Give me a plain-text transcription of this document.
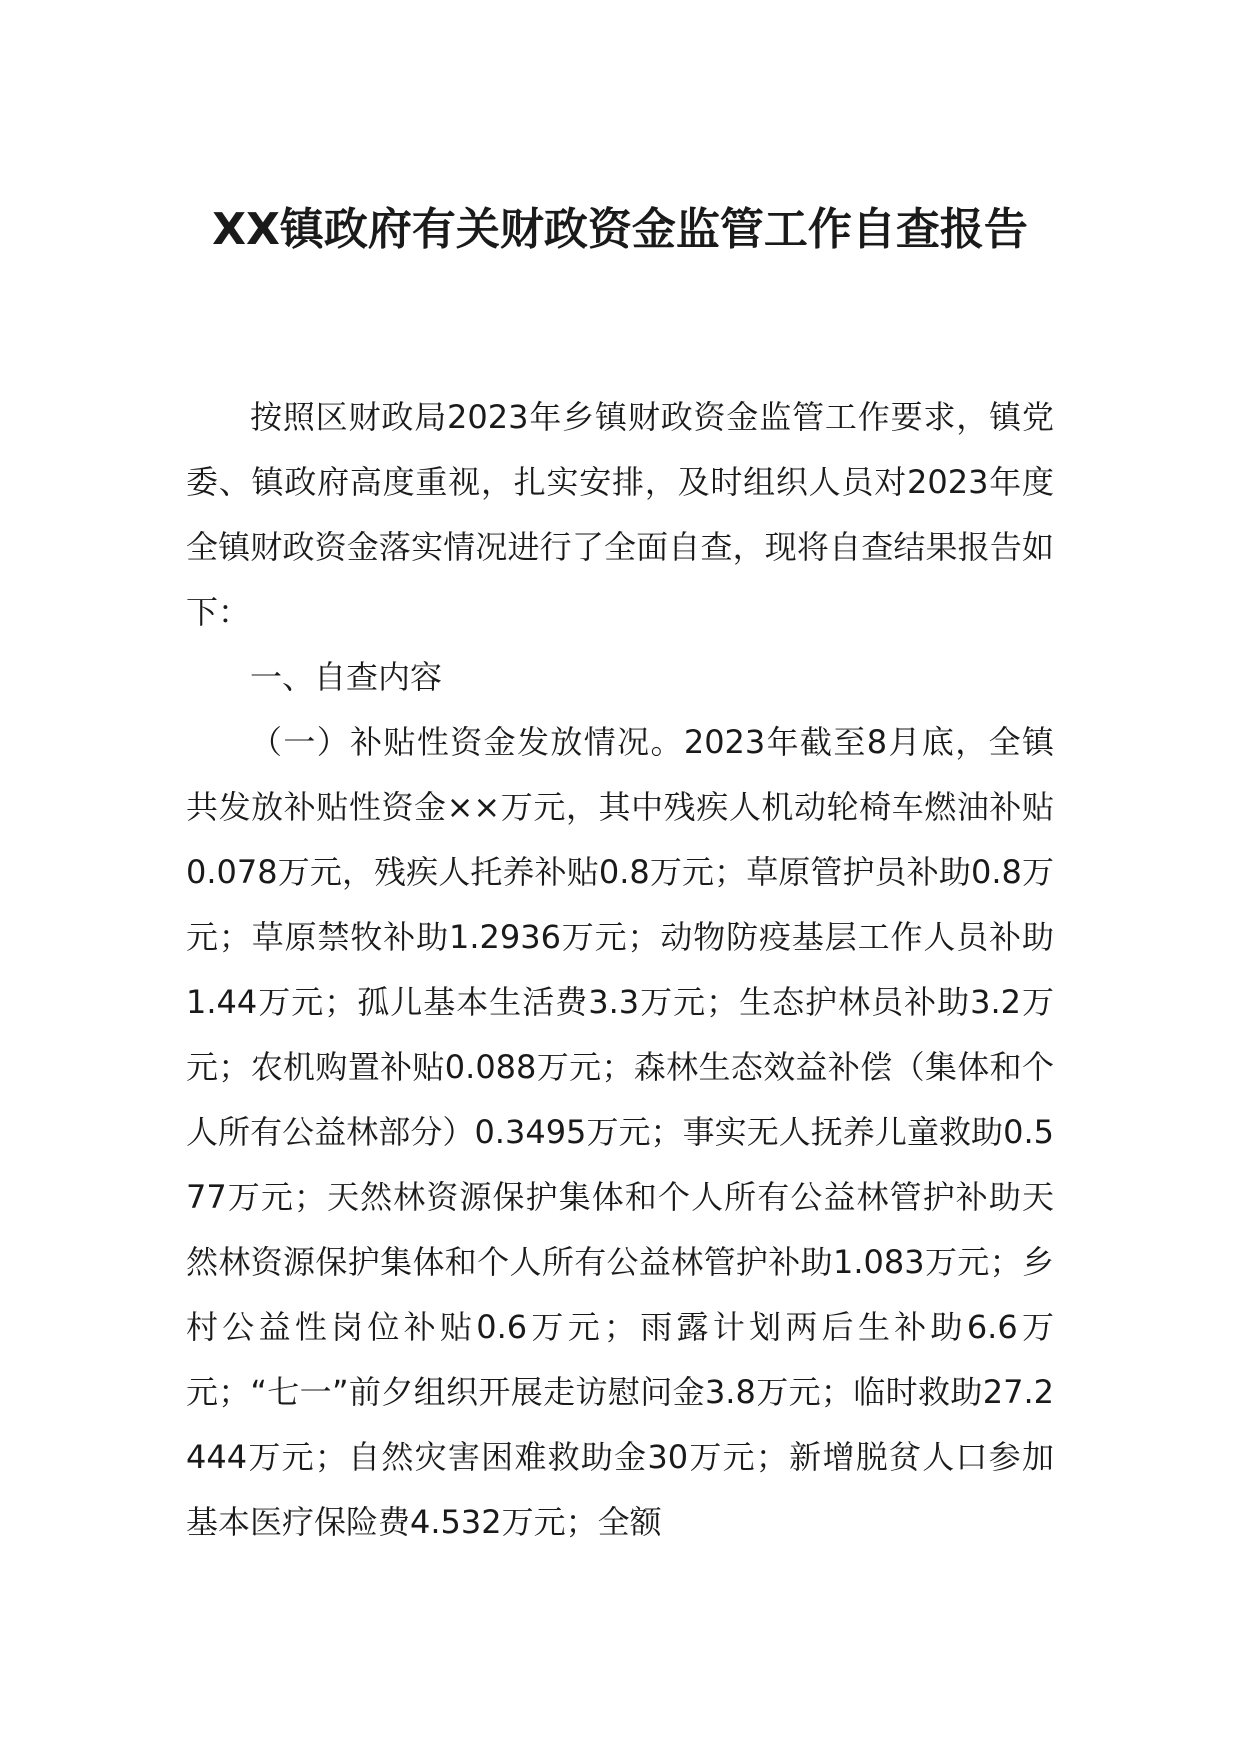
XX镇政府有关财政资金监管工作自查报告

按照区财政局2023年乡镇财政资金监管工作要求，镇党委、镇政府高度重视，扎实安排，及时组织人员对2023年度全镇财政资金落实情况进行了全面自查，现将自查结果报告如下：

一、自查内容

（一）补贴性资金发放情况。2023年截至8月底，全镇共发放补贴性资金××万元，其中残疾人机动轮椅车燃油补贴0.078万元，残疾人托养补贴0.8万元；草原管护员补助0.8万元；草原禁牧补助1.2936万元；动物防疫基层工作人员补助1.44万元；孤儿基本生活费3.3万元；生态护林员补助3.2万元；农机购置补贴0.088万元；森林生态效益补偿（集体和个人所有公益林部分）0.3495万元；事实无人抚养儿童救助0.577万元；天然林资源保护集体和个人所有公益林管护补助天然林资源保护集体和个人所有公益林管护补助1.083万元；乡村公益性岗位补贴0.6万元；雨露计划两后生补助6.6万元；“七一”前夕组织开展走访慰问金3.8万元；临时救助27.2444万元；自然灾害困难救助金30万元；新增脱贫人口参加基本医疗保险费4.532万元；全额
